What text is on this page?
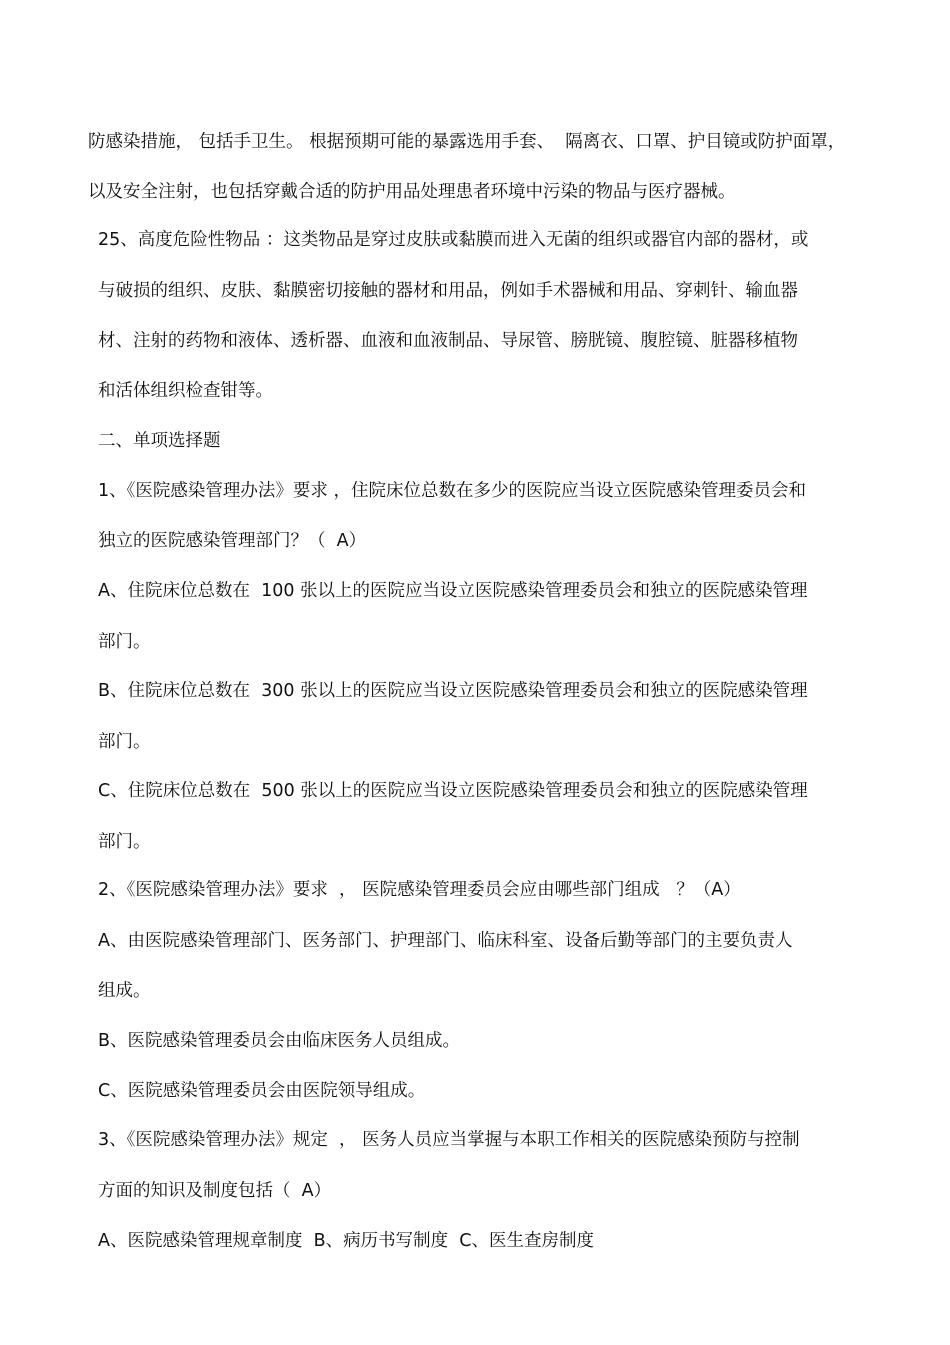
防感染措施， 包括手卫生。 根据预期可能的暴露选用手套、  隔离衣、口罩、护目镜或防护面罩，
以及安全注射，也包括穿戴合适的防护用品处理患者环境中污染的物品与医疗器械。
25、高度危险性物品 ：这类物品是穿过皮肤或黏膜而进入无菌的组织或器官内部的器材，或
与破损的组织、皮肤、黏膜密切接触的器材和用品，例如手术器械和用品、穿刺针、输血器
材、注射的药物和液体、透析器、血液和血液制品、导尿管、膀胱镜、腹腔镜、脏器移植物
和活体组织检查钳等。
二、单项选择题
1、《医院感染管理办法》要求 ，住院床位总数在多少的医院应当设立医院感染管理委员会和
独立的医院感染管理部门？（  A）
A、住院床位总数在  100 张以上的医院应当设立医院感染管理委员会和独立的医院感染管理
部门。
B、住院床位总数在  300 张以上的医院应当设立医院感染管理委员会和独立的医院感染管理
部门。
C、住院床位总数在  500 张以上的医院应当设立医院感染管理委员会和独立的医院感染管理
部门。
2、《医院感染管理办法》要求  ， 医院感染管理委员会应由哪些部门组成   ？（A）
A、由医院感染管理部门、医务部门、护理部门、临床科室、设备后勤等部门的主要负责人
组成。
B、医院感染管理委员会由临床医务人员组成。
C、医院感染管理委员会由医院领导组成。
3、《医院感染管理办法》规定  ， 医务人员应当掌握与本职工作相关的医院感染预防与控制
方面的知识及制度包括（  A）
A、医院感染管理规章制度  B、病历书写制度  C、医生查房制度
